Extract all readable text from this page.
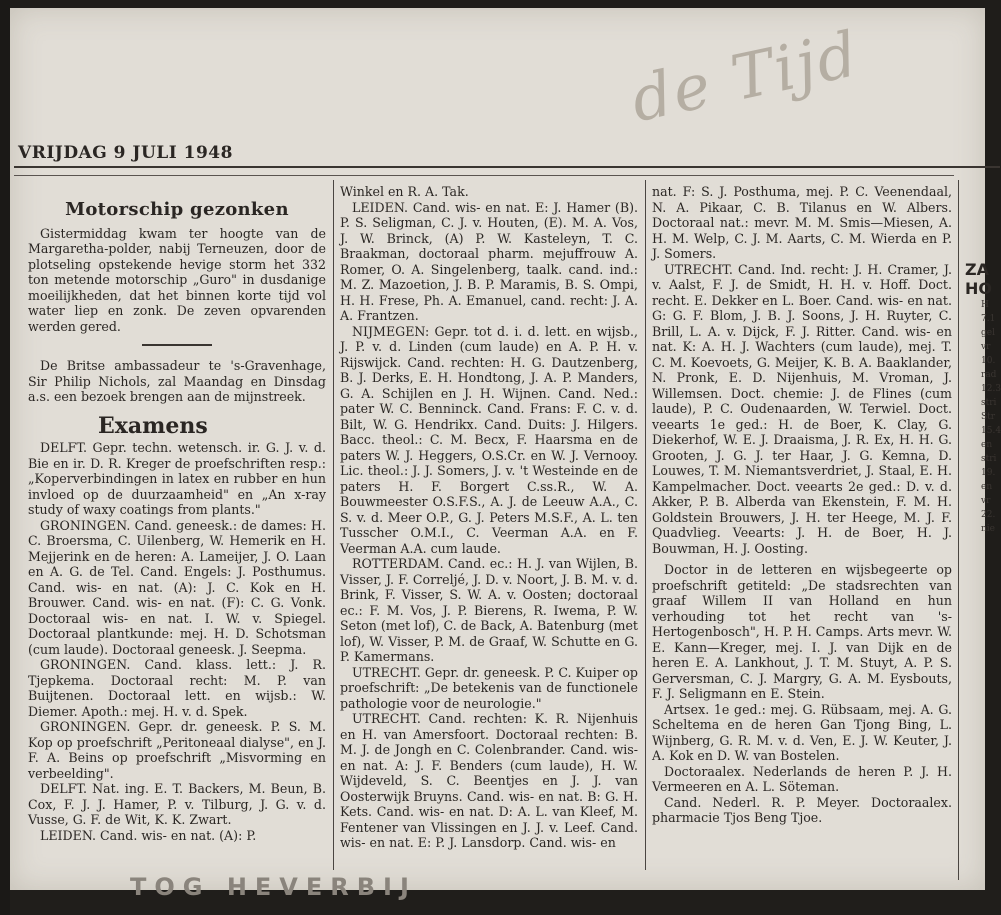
de Tijd
VRIJDAG 9 JULI 1948
Motorschip gezonken

Gistermiddag kwam ter hoogte van de Margaretha-polder, nabij Terneuzen, door de plotseling opstekende hevige storm het 332 ton metende motorschip „Guro" in dusdanige moeilijkheden, dat het binnen korte tijd vol water liep en zonk. De zeven opvarenden werden gered.

De Britse ambassadeur te 's-Gravenhage, Sir Philip Nichols, zal Maandag en Dinsdag a.s. een bezoek brengen aan de mijnstreek.

Examens

DELFT. Gepr. techn. wetensch. ir. G. J. v. d. Bie en ir. D. R. Kreger de proefschriften resp.: „Koperverbindingen in latex en rubber en hun invloed op de duurzaamheid" en „An x-ray study of waxy coatings from plants."

GRONINGEN. Cand. geneesk.: de dames: H. C. Broersma, C. Uilenberg, W. Hemerik en H. Mejjerink en de heren: A. Lameijer, J. O. Laan en A. G. de Tel. Cand. Engels: J. Posthumus. Cand. wis- en nat. (A): J. C. Kok en H. Brouwer. Cand. wis- en nat. (F): C. G. Vonk. Doctoraal wis- en nat. I. W. v. Spiegel. Doctoraal plantkunde: mej. H. D. Schotsman (cum laude). Doctoraal geneesk. J. Seepma.

GRONINGEN. Cand. klass. lett.: J. R. Tjepkema. Doctoraal recht: M. P. van Buijtenen. Doctoraal lett. en wijsb.: W. Diemer. Apoth.: mej. H. v. d. Spek.

GRONINGEN. Gepr. dr. geneesk. P. S. M. Kop op proefschrift „Peritoneaal dialyse", en J. F. A. Beins op proefschrift „Misvorming en verbeelding".

DELFT. Nat. ing. E. T. Backers, M. Beun, B. Cox, F. J. J. Hamer, P. v. Tilburg, J. G. v. d. Vusse, G. F. de Wit, K. K. Zwart.

LEIDEN. Cand. wis- en nat. (A): P.

Winkel en R. A. Tak.

LEIDEN. Cand. wis- en nat. E: J. Hamer (B). P. S. Seligman, C. J. v. Houten, (E). M. A. Vos, J. W. Brinck, (A) P. W. Kasteleyn, T. C. Braakman, doctoraal pharm. mejuffrouw A. Romer, O. A. Singelenberg, taalk. cand. ind.: M. Z. Mazoetion, J. B. P. Maramis, B. S. Ompi, H. H. Frese, Ph. A. Emanuel, cand. recht: J. A. A. Frantzen.

NIJMEGEN: Gepr. tot d. i. d. lett. en wijsb., J. P. v. d. Linden (cum laude) en A. P. H. v. Rijswijck. Cand. rechten: H. G. Dautzenberg, B. J. Derks, E. H. Hondtong, J. A. P. Manders, G. A. Schijlen en J. H. Wijnen. Cand. Ned.: pater W. C. Benninck. Cand. Frans: F. C. v. d. Bilt, W. G. Hendrikx. Cand. Duits: J. Hilgers. Bacc. theol.: C. M. Becx, F. Haarsma en de paters W. J. Heggers, O.S.Cr. en W. J. Vernooy. Lic. theol.: J. J. Somers, J. v. 't Westeinde en de paters H. F. Borgert C.ss.R., W. A. Bouwmeester O.S.F.S., A. J. de Leeuw A.A., C. S. v. d. Meer O.P., G. J. Peters M.S.F., A. L. ten Tusscher O.M.I., C. Veerman A.A. en F. Veerman A.A. cum laude.

ROTTERDAM. Cand. ec.: H. J. van Wijlen, B. Visser, J. F. Correljé, J. D. v. Noort, J. B. M. v. d. Brink, F. Visser, S. W. A. v. Oosten; doctoraal ec.: F. M. Vos, J. P. Bierens, R. Iwema, P. W. Seton (met lof), C. de Back, A. Batenburg (met lof), W. Visser, P. M. de Graaf, W. Schutte en G. P. Kamermans.

UTRECHT. Gepr. dr. geneesk. P. C. Kuiper op proefschrift: „De betekenis van de functionele pathologie voor de neurologie."

UTRECHT. Cand. rechten: K. R. Nijenhuis en H. van Amersfoort. Doctoraal rechten: B. M. J. de Jongh en C. Colenbrander. Cand. wis- en nat. A: J. F. Benders (cum laude), H. W. Wijdeveld, S. C. Beentjes en J. J. van Oosterwijk Bruyns. Cand. wis- en nat. B: G. H. Kets. Cand. wis- en nat. D: A. L. van Kleef, M. Fentener van Vlissingen en J. J. v. Leef. Cand. wis- en nat. E: P. J. Lansdorp. Cand. wis- en

nat. F: S. J. Posthuma, mej. P. C. Veenendaal, N. A. Pikaar, C. B. Tilanus en W. Albers. Doctoraal nat.: mevr. M. M. Smis—Miesen, A. H. M. Welp, C. J. M. Aarts, C. M. Wierda en P. J. Somers.

UTRECHT. Cand. Ind. recht: J. H. Cramer, J. v. Aalst, F. J. de Smidt, H. H. v. Hoff. Doct. recht. E. Dekker en L. Boer. Cand. wis- en nat. G: G. F. Blom, J. B. J. Soons, J. H. Ruyter, C. Brill, L. A. v. Dijck, F. J. Ritter. Cand. wis- en nat. K: A. H. J. Wachters (cum laude), mej. T. C. M. Koevoets, G. Meijer, K. B. A. Baaklander, N. Pronk, E. D. Nijenhuis, M. Vroman, J. Willemsen. Doct. chemie: J. de Flines (cum laude), P. C. Oudenaarden, W. Terwiel. Doct. veearts 1e ged.: H. de Boer, K. Clay, G. Diekerhof, W. E. J. Draaisma, J. R. Ex, H. H. G. Grooten, J. G. J. ter Haar, J. G. Kemna, D. Louwes, T. M. Niemantsverdriet, J. Staal, E. H. Kampelmacher. Doct. veearts 2e ged.: D. v. d. Akker, P. B. Alberda van Ekenstein, F. M. H. Goldstein Brouwers, J. H. ter Heege, M. J. F. Quadvlieg. Veearts: J. H. de Boer, H. J. Bouwman, H. J. Oosting.

Doctor in de letteren en wijsbegeerte op proefschrift getiteld: „De stadsrechten van graaf Willem II van Holland en hun verhouding tot het recht van 's-Hertogenbosch", H. P. H. Camps. Arts mevr. W. E. Kann—Kreger, mej. I. J. van Dijk en de heren E. A. Lankhout, J. T. M. Stuyt, A. P. S. Gerversman, C. J. Margry, G. A. M. Eysbouts, F. J. Seligmann en E. Stein.

Artsex. 1e ged.: mej. G. Rübsaam, mej. A. G. Scheltema en de heren Gan Tjong Bing, L. Wijnberg, G. R. M. v. d. Ven, E. J. W. Keuter, J. A. Kok en D. W. van Bostelen.

Doctoraalex. Nederlands de heren P. J. H. Vermeeren en A. L. Söteman.

Cand. Nederl. R. P. Meyer. Doctoraalex. pharmacie Tjos Beng Tjoe.

ZA
HO
H
7.1
gel
vr
10.
rad
12.3
stri
Str
15.4
en
stri
19.
en
vr
22.
nie
TOG HEVERBIJ
